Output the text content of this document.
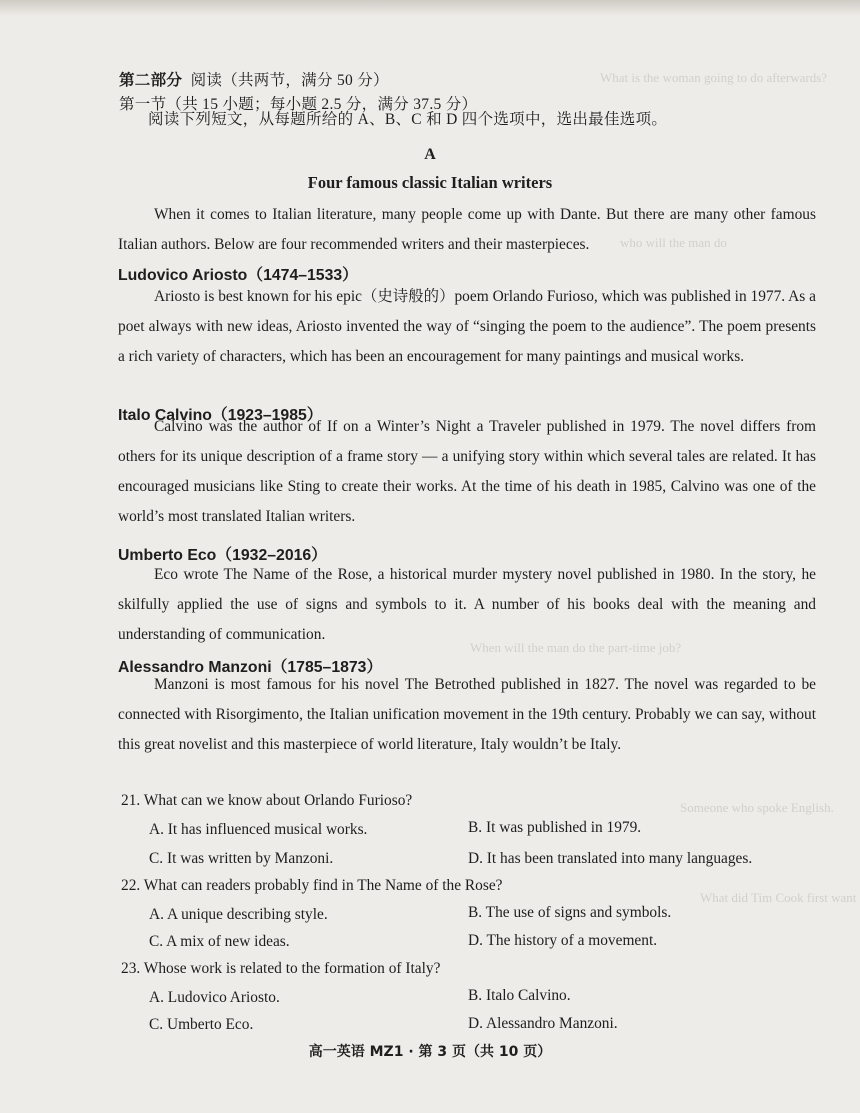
What is the woman going to do afterwards?
who will the man do
When will the man do the part-time job?
Someone who spoke English.
What did Tim Cook first want
第二部分 阅读（共两节，满分 50 分）
第一节（共 15 小题；每小题 2.5 分，满分 37.5 分）
阅读下列短文，从每题所给的 A、B、C 和 D 四个选项中，选出最佳选项。
A
Four famous classic Italian writers

When it comes to Italian literature, many people come up with Dante. But there are many other famous Italian authors. Below are four recommended writers and their masterpieces.

Ludovico Ariosto（1474–1533）

Ariosto is best known for his epic（史诗般的）poem Orlando Furioso, which was published in 1977. As a poet always with new ideas, Ariosto invented the way of “singing the poem to the audience”. The poem presents a rich variety of characters, which has been an encouragement for many paintings and musical works.

Italo Calvino（1923–1985）

Calvino was the author of If on a Winter’s Night a Traveler published in 1979. The novel differs from others for its unique description of a frame story — a unifying story within which several tales are related. It has encouraged musicians like Sting to create their works. At the time of his death in 1985, Calvino was one of the world’s most translated Italian writers.

Umberto Eco（1932–2016）

Eco wrote The Name of the Rose, a historical murder mystery novel published in 1980. In the story, he skilfully applied the use of signs and symbols to it. A number of his books deal with the meaning and understanding of communication.

Alessandro Manzoni（1785–1873）

Manzoni is most famous for his novel The Betrothed published in 1827. The novel was regarded to be connected with Risorgimento, the Italian unification movement in the 19th century. Probably we can say, without this great novelist and this masterpiece of world literature, Italy wouldn’t be Italy.

21. What can we know about Orlando Furioso?
A. It has influenced musical works.	B. It was published in 1979.
C. It was written by Manzoni.	D. It has been translated into many languages.
22. What can readers probably find in The Name of the Rose?
A. A unique describing style.	B. The use of signs and symbols.
C. A mix of new ideas.	D. The history of a movement.
23. Whose work is related to the formation of Italy?
A. Ludovico Ariosto.	B. Italo Calvino.
C. Umberto Eco.	D. Alessandro Manzoni.
高一英语 MZ1 · 第 3 页（共 10 页）
